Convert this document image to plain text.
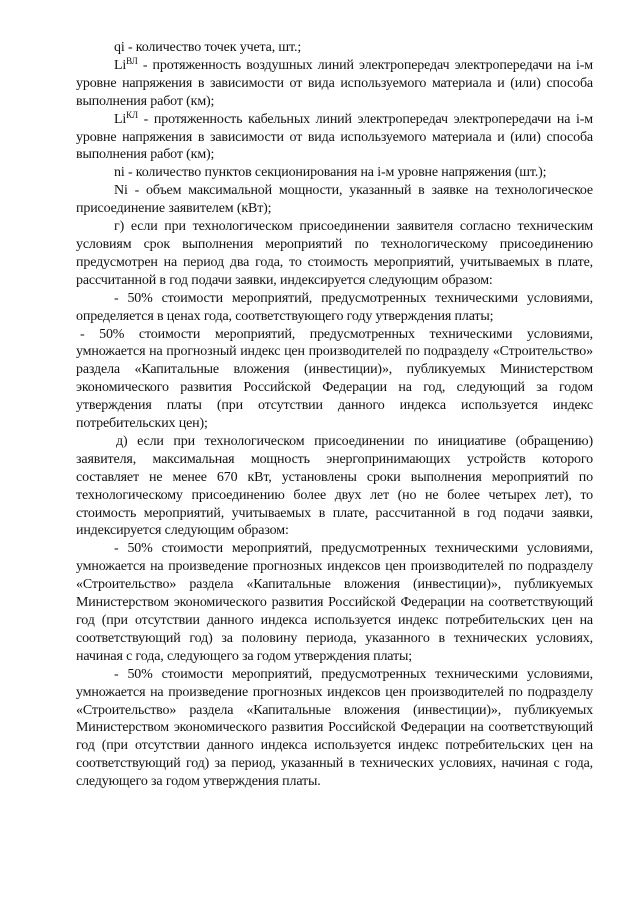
qi - количество точек учета, шт.;

$Li^{ВЛ}$ - протяженность воздушных линий электропередач электропередачи на i-м уровне напряжения в зависимости от вида используемого материала и (или) способа выполнения работ (км);

$Li^{КЛ}$ - протяженность кабельных линий электропередач электропередачи на i-м уровне напряжения в зависимости от вида используемого материала и (или) способа выполнения работ (км);

ni - количество пунктов секционирования на i-м уровне напряжения (шт.);

Ni - объем максимальной мощности, указанный в заявке на технологическое присоединение заявителем (кВт);

г) если при технологическом присоединении заявителя согласно техническим условиям срок выполнения мероприятий по технологическому присоединению предусмотрен на период два года, то стоимость мероприятий, учитываемых в плате, рассчитанной в год подачи заявки, индексируется следующим образом:

- 50% стоимости мероприятий, предусмотренных техническими условиями, определяется в ценах года, соответствующего году утверждения платы;

- 50% стоимости мероприятий, предусмотренных техническими условиями, умножается на прогнозный индекс цен производителей по подразделу «Строительство» раздела «Капитальные вложения (инвестиции)», публикуемых Министерством экономического развития Российской Федерации на год, следующий за годом утверждения платы (при отсутствии данного индекса используется индекс потребительских цен);

д) если при технологическом присоединении по инициативе (обращению) заявителя, максимальная мощность энергопринимающих устройств которого составляет не менее 670 кВт, установлены сроки выполнения мероприятий по технологическому присоединению более двух лет (но не более четырех лет), то стоимость мероприятий, учитываемых в плате, рассчитанной в год подачи заявки, индексируется следующим образом:

- 50% стоимости мероприятий, предусмотренных техническими условиями, умножается на произведение прогнозных индексов цен производителей по подразделу «Строительство» раздела «Капитальные вложения (инвестиции)», публикуемых Министерством экономического развития Российской Федерации на соответствующий год (при отсутствии данного индекса используется индекс потребительских цен на соответствующий год) за половину периода, указанного в технических условиях, начиная с года, следующего за годом утверждения платы;

- 50% стоимости мероприятий, предусмотренных техническими условиями, умножается на произведение прогнозных индексов цен производителей по подразделу «Строительство» раздела «Капитальные вложения (инвестиции)», публикуемых Министерством экономического развития Российской Федерации на соответствующий год (при отсутствии данного индекса используется индекс потребительских цен на соответствующий год) за период, указанный в технических условиях, начиная с года, следующего за годом утверждения платы.
